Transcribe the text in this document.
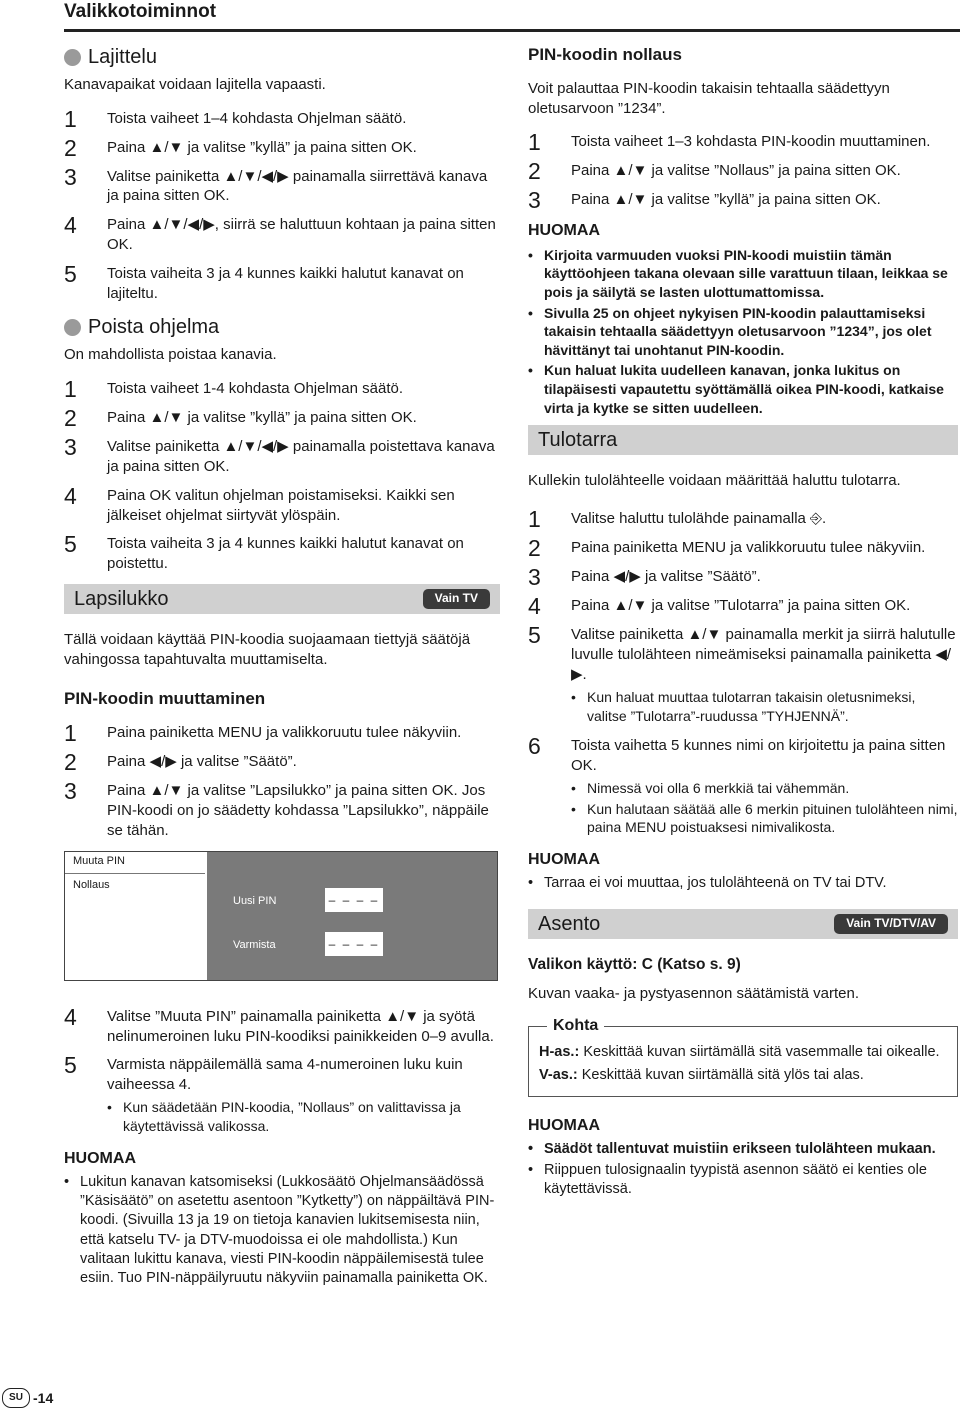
Valikkotoiminnot
Lajittelu

Kanavapaikat voidaan lajitella vapaasti.

1	Toista vaiheet 1–4 kohdasta Ohjelman säätö.
2	Paina ▲/▼ ja valitse ”kyllä” ja paina sitten OK.
3	Valitse painiketta ▲/▼/◀/▶ painamalla siirrettävä kanava ja paina sitten OK.
4	Paina ▲/▼/◀/▶, siirrä se haluttuun kohtaan ja paina sitten OK.
5	Toista vaiheita 3 ja 4 kunnes kaikki halutut kanavat on lajiteltu.
Poista ohjelma

On mahdollista poistaa kanavia.

1	Toista vaiheet 1-4 kohdasta Ohjelman säätö.
2	Paina ▲/▼ ja valitse ”kyllä” ja paina sitten OK.
3	Valitse painiketta ▲/▼/◀/▶ painamalla poistettava kanava ja paina sitten OK.
4	Paina OK valitun ohjelman poistamiseksi. Kaikki sen jälkeiset ohjelmat siirtyvät ylöspäin.
5	Toista vaiheita 3 ja 4 kunnes kaikki halutut kanavat on poistettu.
Lapsilukko	Vain TV

Tällä voidaan käyttää PIN-koodia suojaamaan tiettyjä säätöjä vahingossa tapahtuvalta muuttamiselta.

PIN-koodin muuttaminen
1	Paina painiketta MENU ja valikkoruutu tulee näkyviin.
2	Paina ◀/▶ ja valitse ”Säätö”.
3	Paina ▲/▼ ja valitse ”Lapsilukko” ja paina sitten OK. Jos PIN-koodi on jo säädetty kohdassa ”Lapsilukko”, näppäile se tähän.
Muuta PIN
Nollaus
Uusi PIN	– – – –
Varmista	– – – –
4	Valitse ”Muuta PIN” painamalla painiketta ▲/▼ ja syötä nelinumeroinen luku PIN-koodiksi painikkeiden 0–9 avulla.
5	Varmista näppäilemällä sama 4-numeroinen luku kuin vaiheessa 4.
• Kun säädetään PIN-koodia, ”Nollaus” on valittavissa ja käytettävissä valikossa.
HUOMAA
• Lukitun kanavan katsomiseksi (Lukkosäätö Ohjelmansäädössä ”Käsisäätö” on asetettu asentoon ”Kytketty”) on näppäiltävä PIN-koodi. (Sivuilla 13 ja 19 on tietoja kanavien lukitsemisesta niin, että katselu TV- ja DTV-muodoissa ei ole mahdollista.) Kun valitaan lukittu kanava, viesti PIN-koodin näppäilemisestä tulee esiin. Tuo PIN-näppäilyruutu näkyviin painamalla painiketta OK.
PIN-koodin nollaus

Voit palauttaa PIN-koodin takaisin tehtaalla säädettyyn oletusarvoon ”1234”.

1	Toista vaiheet 1–3 kohdasta PIN-koodin muuttaminen.
2	Paina ▲/▼ ja valitse ”Nollaus” ja paina sitten OK.
3	Paina ▲/▼ ja valitse ”kyllä” ja paina sitten OK.
HUOMAA
• Kirjoita varmuuden vuoksi PIN-koodi muistiin tämän käyttöohjeen takana olevaan sille varattuun tilaan, leikkaa se pois ja säilytä se lasten ulottumattomissa.
• Sivulla 25 on ohjeet nykyisen PIN-koodin palauttamiseksi takaisin tehtaalla säädettyyn oletusarvoon ”1234”, jos olet hävittänyt tai unohtanut PIN-koodin.
• Kun haluat lukita uudelleen kanavan, jonka lukitus on tilapäisesti vapautettu syöttämällä oikea PIN-koodi, katkaise virta ja kytke se sitten uudelleen.
Tulotarra

Kullekin tulolähteelle voidaan määrittää haluttu tulotarra.

1	Valitse haluttu tulolähde painamalla ⎆.
2	Paina painiketta MENU ja valikkoruutu tulee näkyviin.
3	Paina ◀/▶ ja valitse ”Säätö”.
4	Paina ▲/▼ ja valitse ”Tulotarra” ja paina sitten OK.
5	Valitse painiketta ▲/▼ painamalla merkit ja siirrä halutulle luvulle tulolähteen nimeämiseksi painamalla painiketta ◀/▶.
• Kun haluat muuttaa tulotarran takaisin oletusnimeksi, valitse ”Tulotarra”-ruudussa ”TYHJENNÄ”.
6	Toista vaihetta 5 kunnes nimi on kirjoitettu ja paina sitten OK.
• Nimessä voi olla 6 merkkiä tai vähemmän.
• Kun halutaan säätää alle 6 merkin pituinen tulolähteen nimi, paina MENU poistuaksesi nimivalikosta.
HUOMAA
• Tarraa ei voi muuttaa, jos tulolähteenä on TV tai DTV.
Asento	Vain TV/DTV/AV
Valikon käyttö: C (Katso s. 9)

Kuvan vaaka- ja pystyasennon säätämistä varten.

Kohta

H-as.: Keskittää kuvan siirtämällä sitä vasemmalle tai oikealle.

V-as.: Keskittää kuvan siirtämällä sitä ylös tai alas.

HUOMAA
• Säädöt tallentuvat muistiin erikseen tulolähteen mukaan.
• Riippuen tulosignaalin tyypistä asennon säätö ei kenties ole käytettävissä.
SU -14
